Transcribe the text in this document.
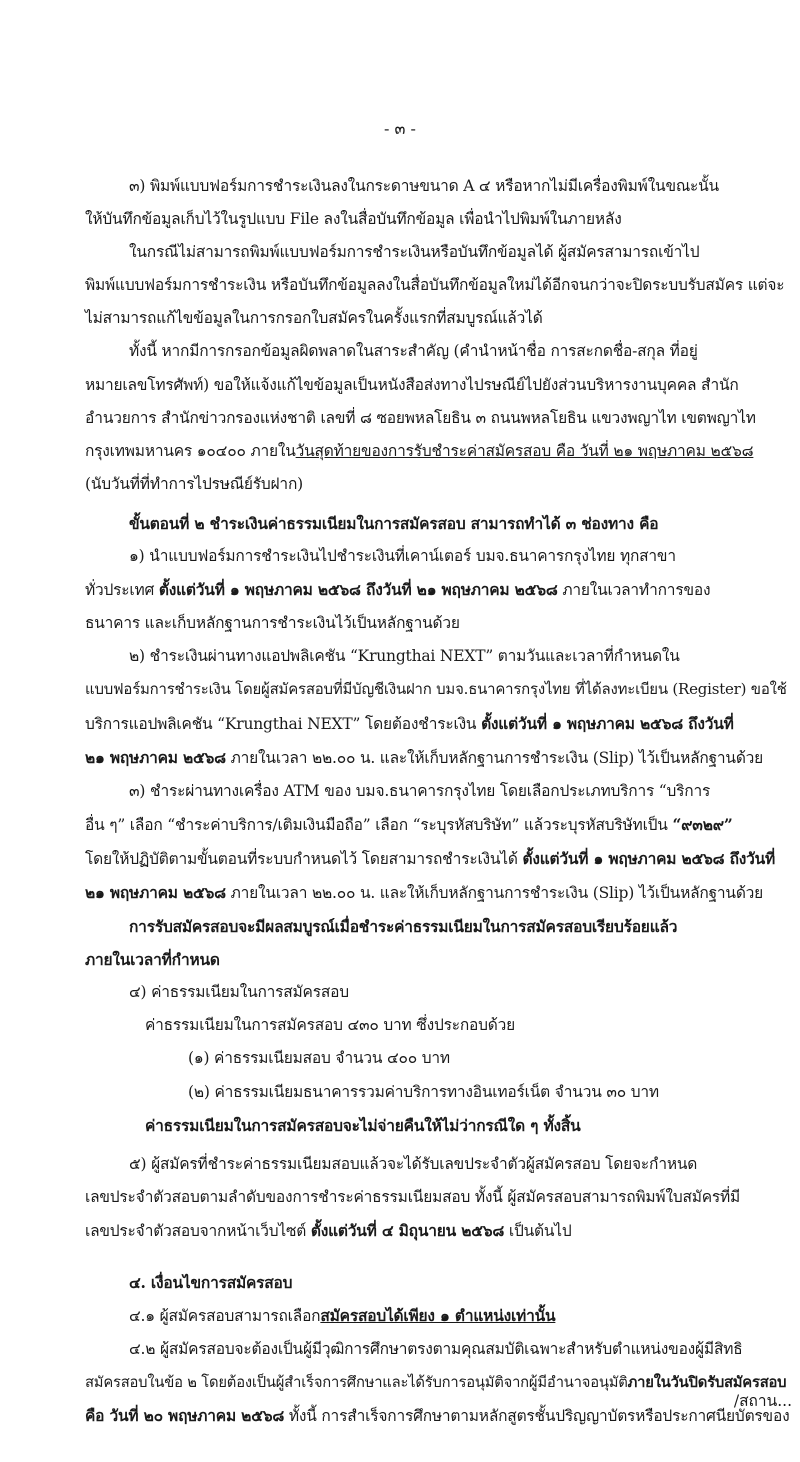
- ๓ -

๓) พิมพ์แบบฟอร์มการชำระเงินลงในกระดาษขนาด A ๔ หรือหากไม่มีเครื่องพิมพ์ในขณะนั้น

ให้บันทึกข้อมูลเก็บไว้ในรูปแบบ File ลงในสื่อบันทึกข้อมูล เพื่อนำไปพิมพ์ในภายหลัง

ในกรณีไม่สามารถพิมพ์แบบฟอร์มการชำระเงินหรือบันทึกข้อมูลได้ ผู้สมัครสามารถเข้าไป

พิมพ์แบบฟอร์มการชำระเงิน หรือบันทึกข้อมูลลงในสื่อบันทึกข้อมูลใหม่ได้อีกจนกว่าจะปิดระบบรับสมัคร แต่จะ

ไม่สามารถแก้ไขข้อมูลในการกรอกใบสมัครในครั้งแรกที่สมบูรณ์แล้วได้

ทั้งนี้ หากมีการกรอกข้อมูลผิดพลาดในสาระสำคัญ (คำนำหน้าชื่อ การสะกดชื่อ-สกุล ที่อยู่

หมายเลขโทรศัพท์) ขอให้แจ้งแก้ไขข้อมูลเป็นหนังสือส่งทางไปรษณีย์ไปยังส่วนบริหารงานบุคคล สำนัก

อำนวยการ สำนักข่าวกรองแห่งชาติ เลขที่ ๘ ซอยพหลโยธิน ๓ ถนนพหลโยธิน แขวงพญาไท เขตพญาไท

กรุงเทพมหานคร ๑๐๔๐๐ ภายในวันสุดท้ายของการรับชำระค่าสมัครสอบ คือ วันที่ ๒๑ พฤษภาคม ๒๕๖๘

(นับวันที่ที่ทำการไปรษณีย์รับฝาก)

ขั้นตอนที่ ๒ ชำระเงินค่าธรรมเนียมในการสมัครสอบ สามารถทำได้ ๓ ช่องทาง คือ

๑) นำแบบฟอร์มการชำระเงินไปชำระเงินที่เคาน์เตอร์ บมจ.ธนาคารกรุงไทย ทุกสาขา

ทั่วประเทศ ตั้งแต่วันที่ ๑ พฤษภาคม ๒๕๖๘ ถึงวันที่ ๒๑ พฤษภาคม ๒๕๖๘ ภายในเวลาทำการของ

ธนาคาร และเก็บหลักฐานการชำระเงินไว้เป็นหลักฐานด้วย

๒) ชำระเงินผ่านทางแอปพลิเคชัน “Krungthai NEXT” ตามวันและเวลาที่กำหนดใน

แบบฟอร์มการชำระเงิน โดยผู้สมัครสอบที่มีบัญชีเงินฝาก บมจ.ธนาคารกรุงไทย ที่ได้ลงทะเบียน (Register) ขอใช้

บริการแอปพลิเคชัน “Krungthai NEXT” โดยต้องชำระเงิน ตั้งแต่วันที่ ๑ พฤษภาคม ๒๕๖๘ ถึงวันที่

๒๑ พฤษภาคม ๒๕๖๘ ภายในเวลา ๒๒.๐๐ น. และให้เก็บหลักฐานการชำระเงิน (Slip) ไว้เป็นหลักฐานด้วย

๓) ชำระผ่านทางเครื่อง ATM ของ บมจ.ธนาคารกรุงไทย โดยเลือกประเภทบริการ “บริการ

อื่น ๆ” เลือก “ชำระค่าบริการ/เติมเงินมือถือ” เลือก “ระบุรหัสบริษัท” แล้วระบุรหัสบริษัทเป็น “๙๓๒๙”

โดยให้ปฏิบัติตามขั้นตอนที่ระบบกำหนดไว้ โดยสามารถชำระเงินได้ ตั้งแต่วันที่ ๑ พฤษภาคม ๒๕๖๘ ถึงวันที่

๒๑ พฤษภาคม ๒๕๖๘ ภายในเวลา ๒๒.๐๐ น. และให้เก็บหลักฐานการชำระเงิน (Slip) ไว้เป็นหลักฐานด้วย

การรับสมัครสอบจะมีผลสมบูรณ์เมื่อชำระค่าธรรมเนียมในการสมัครสอบเรียบร้อยแล้ว

ภายในเวลาที่กำหนด

๔) ค่าธรรมเนียมในการสมัครสอบ

ค่าธรรมเนียมในการสมัครสอบ ๔๓๐ บาท ซึ่งประกอบด้วย

(๑) ค่าธรรมเนียมสอบ จำนวน ๔๐๐ บาท

(๒) ค่าธรรมเนียมธนาคารรวมค่าบริการทางอินเทอร์เน็ต จำนวน ๓๐ บาท

ค่าธรรมเนียมในการสมัครสอบจะไม่จ่ายคืนให้ไม่ว่ากรณีใด ๆ ทั้งสิ้น

๕) ผู้สมัครที่ชำระค่าธรรมเนียมสอบแล้วจะได้รับเลขประจำตัวผู้สมัครสอบ โดยจะกำหนด

เลขประจำตัวสอบตามลำดับของการชำระค่าธรรมเนียมสอบ ทั้งนี้ ผู้สมัครสอบสามารถพิมพ์ใบสมัครที่มี

เลขประจำตัวสอบจากหน้าเว็บไซต์ ตั้งแต่วันที่ ๔ มิถุนายน ๒๕๖๘ เป็นต้นไป

๔. เงื่อนไขการสมัครสอบ

๔.๑ ผู้สมัครสอบสามารถเลือกสมัครสอบได้เพียง ๑ ตำแหน่งเท่านั้น

๔.๒ ผู้สมัครสอบจะต้องเป็นผู้มีวุฒิการศึกษาตรงตามคุณสมบัติเฉพาะสำหรับตำแหน่งของผู้มีสิทธิ

สมัครสอบในข้อ ๒ โดยต้องเป็นผู้สำเร็จการศึกษาและได้รับการอนุมัติจากผู้มีอำนาจอนุมัติภายในวันปิดรับสมัครสอบ

คือ วันที่ ๒๐ พฤษภาคม ๒๕๖๘ ทั้งนี้ การสำเร็จการศึกษาตามหลักสูตรชั้นปริญญาบัตรหรือประกาศนียบัตรของ

/สถาน...
